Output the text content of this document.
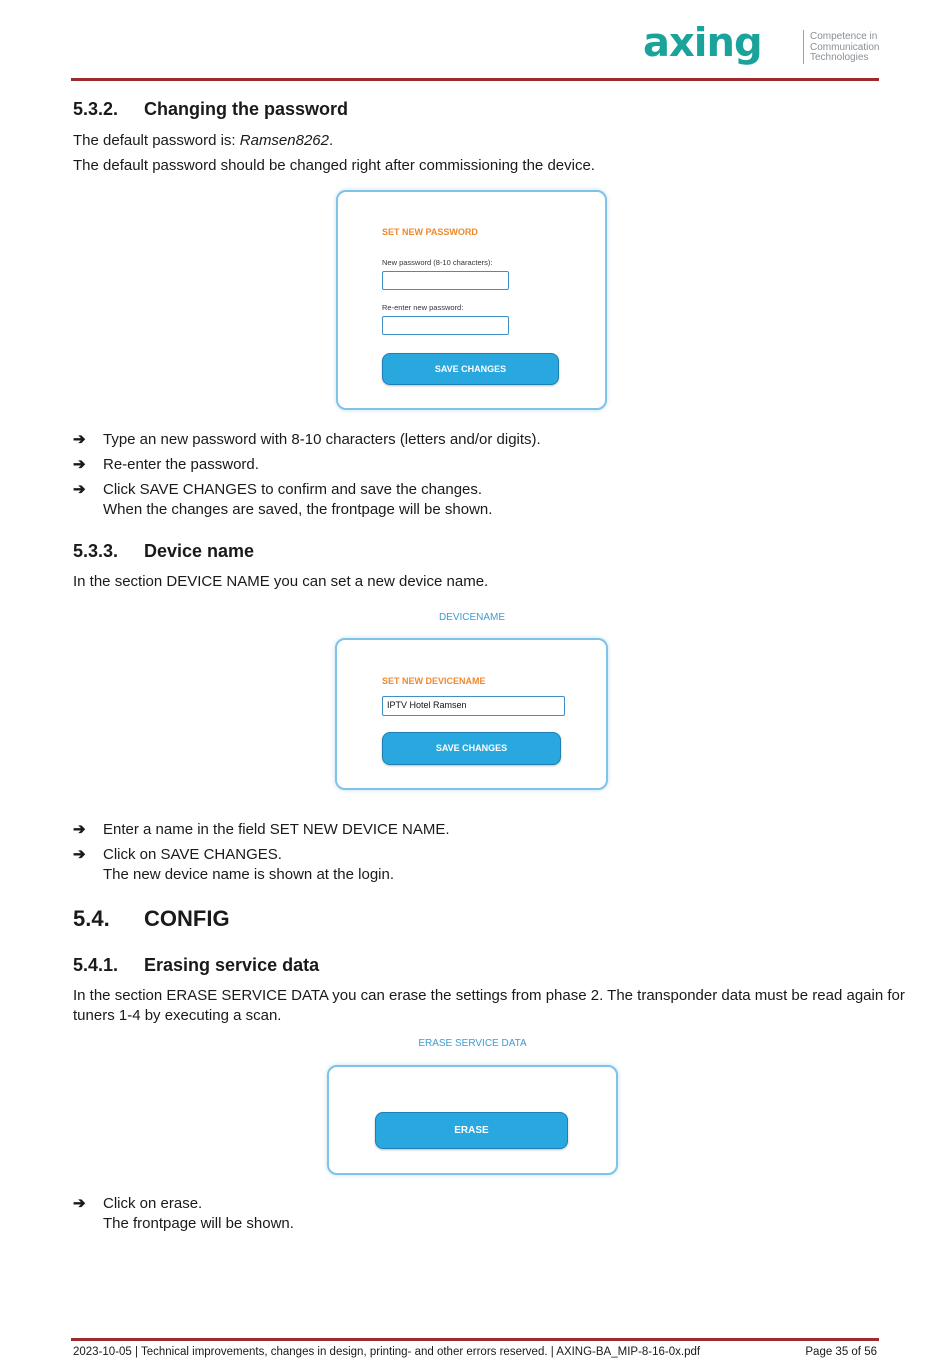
axing	Competence in
Communication
Technologies
5.3.2. Changing the password
The default password is: Ramsen8262.
The default password should be changed right after commissioning the device.
SET NEW PASSWORD
New password (8-10 characters):
Re-enter new password:
SAVE CHANGES
➔	Type an new password with 8-10 characters (letters and/or digits).
➔	Re-enter the password.
➔	Click SAVE CHANGES to confirm and save the changes.
When the changes are saved, the frontpage will be shown.
5.3.3. Device name
In the section DEVICE NAME you can set a new device name.
DEVICENAME
SET NEW DEVICENAME
IPTV Hotel Ramsen
SAVE CHANGES
➔	Enter a name in the field SET NEW DEVICE NAME.
➔	Click on SAVE CHANGES.
The new device name is shown at the login.
5.4. CONFIG
5.4.1. Erasing service data
In the section ERASE SERVICE DATA you can erase the settings from phase 2. The transponder data must be read again for
tuners 1-4 by executing a scan.
ERASE SERVICE DATA
ERASE
➔	Click on erase.
The frontpage will be shown.
2023-10-05 | Technical improvements, changes in design, printing- and other errors reserved. | AXING-BA_MIP-8-16-0x.pdf	Page 35 of 56
